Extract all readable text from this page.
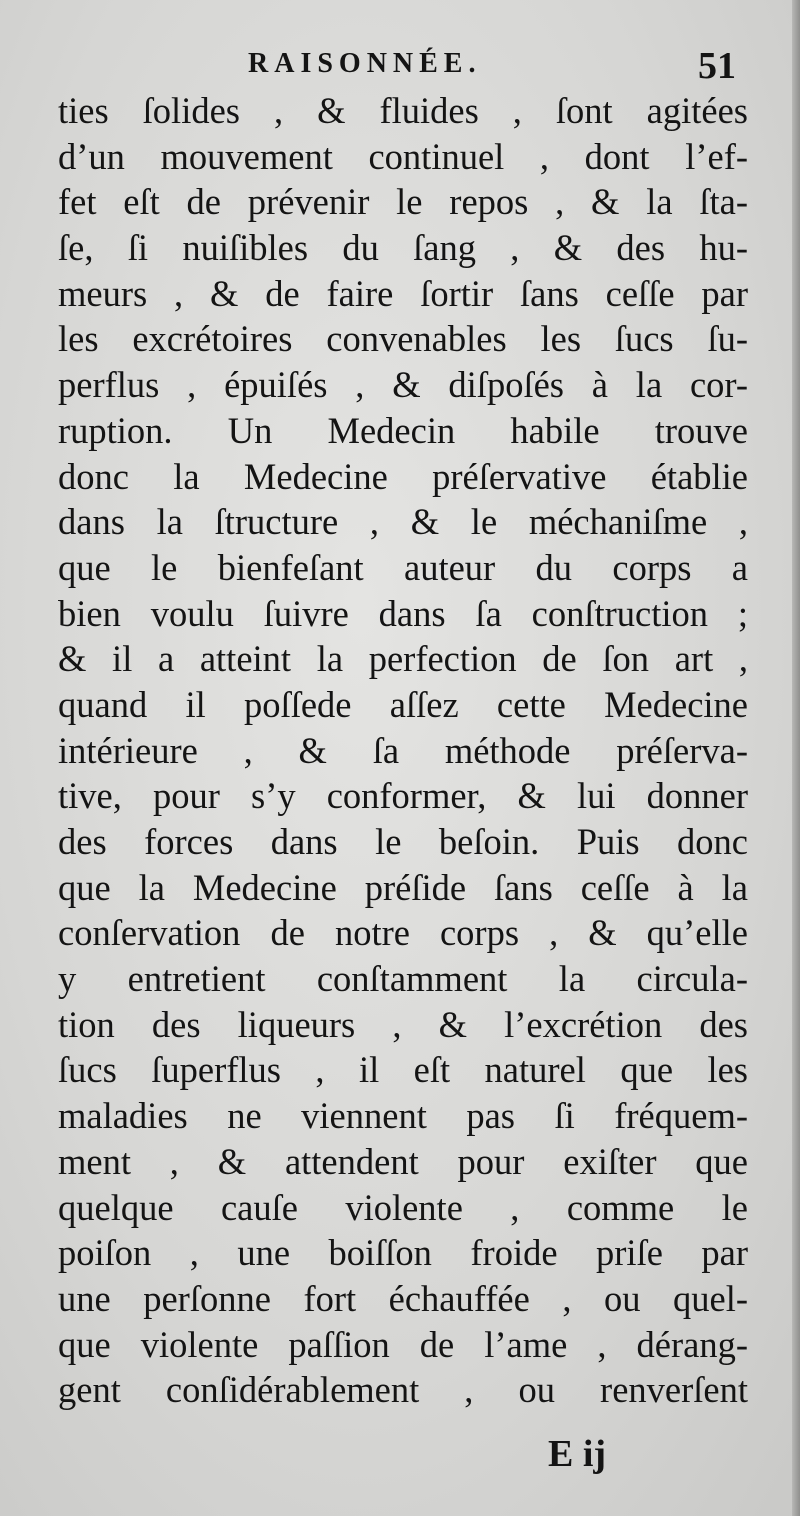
RAISONNÉE.	51
ties ſolides , & fluides , ſont agitées
d’un mouvement continuel , dont l’ef-
fet eſt de prévenir le repos , & la ſta-
ſe, ſi nuiſibles du ſang , & des hu-
meurs , & de faire ſortir ſans ceſſe par
les excrétoires convenables les ſucs ſu-
perflus , épuiſés , & diſpoſés à la cor-
ruption. Un Medecin habile trouve
donc la Medecine préſervative établie
dans la ſtructure , & le méchaniſme ,
que le bienfeſant auteur du corps a
bien voulu ſuivre dans ſa conſtruction ;
& il a atteint la perfection de ſon art ,
quand il poſſede aſſez cette Medecine
intérieure , & ſa méthode préſerva-
tive, pour s’y conformer, & lui donner
des forces dans le beſoin. Puis donc
que la Medecine préſide ſans ceſſe à la
conſervation de notre corps , & qu’elle
y entretient conſtamment la circula-
tion des liqueurs , & l’excrétion des
ſucs ſuperflus , il eſt naturel que les
maladies ne viennent pas ſi fréquem-
ment , & attendent pour exiſter que
quelque cauſe violente , comme le
poiſon , une boiſſon froide priſe par
une perſonne fort échauffée , ou quel-
que violente paſſion de l’ame , dérang-
gent conſidérablement , ou renverſent
E ij
